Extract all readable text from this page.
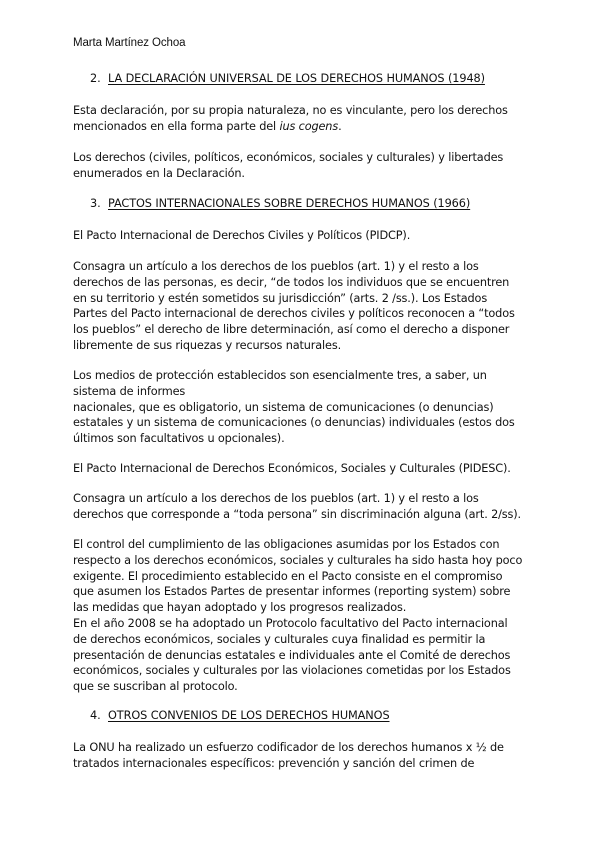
Marta Martínez Ochoa
2. LA DECLARACIÓN UNIVERSAL DE LOS DERECHOS HUMANOS (1948)
Esta declaración, por su propia naturaleza, no es vinculante, pero los derechos
mencionados en ella forma parte del ius cogens.
Los derechos (civiles, políticos, económicos, sociales y culturales) y libertades
enumerados en la Declaración.
3. PACTOS INTERNACIONALES SOBRE DERECHOS HUMANOS (1966)
El Pacto Internacional de Derechos Civiles y Políticos (PIDCP).
Consagra un artículo a los derechos de los pueblos (art. 1) y el resto a los
derechos de las personas, es decir, “de todos los individuos que se encuentren
en su territorio y estén sometidos su jurisdicción” (arts. 2 /ss.). Los Estados
Partes del Pacto internacional de derechos civiles y políticos reconocen a “todos
los pueblos” el derecho de libre determinación, así como el derecho a disponer
libremente de sus riquezas y recursos naturales.
Los medios de protección establecidos son esencialmente tres, a saber, un
sistema de informes
nacionales, que es obligatorio, un sistema de comunicaciones (o denuncias)
estatales y un sistema de comunicaciones (o denuncias) individuales (estos dos
últimos son facultativos u opcionales).
El Pacto Internacional de Derechos Económicos, Sociales y Culturales (PIDESC).
Consagra un artículo a los derechos de los pueblos (art. 1) y el resto a los
derechos que corresponde a “toda persona” sin discriminación alguna (art. 2/ss).
El control del cumplimiento de las obligaciones asumidas por los Estados con
respecto a los derechos económicos, sociales y culturales ha sido hasta hoy poco
exigente. El procedimiento establecido en el Pacto consiste en el compromiso
que asumen los Estados Partes de presentar informes (reporting system) sobre
las medidas que hayan adoptado y los progresos realizados.
En el año 2008 se ha adoptado un Protocolo facultativo del Pacto internacional
de derechos económicos, sociales y culturales cuya finalidad es permitir la
presentación de denuncias estatales e individuales ante el Comité de derechos
económicos, sociales y culturales por las violaciones cometidas por los Estados
que se suscriban al protocolo.
4. OTROS CONVENIOS DE LOS DERECHOS HUMANOS
La ONU ha realizado un esfuerzo codificador de los derechos humanos x ½ de
tratados internacionales específicos: prevención y sanción del crimen de
